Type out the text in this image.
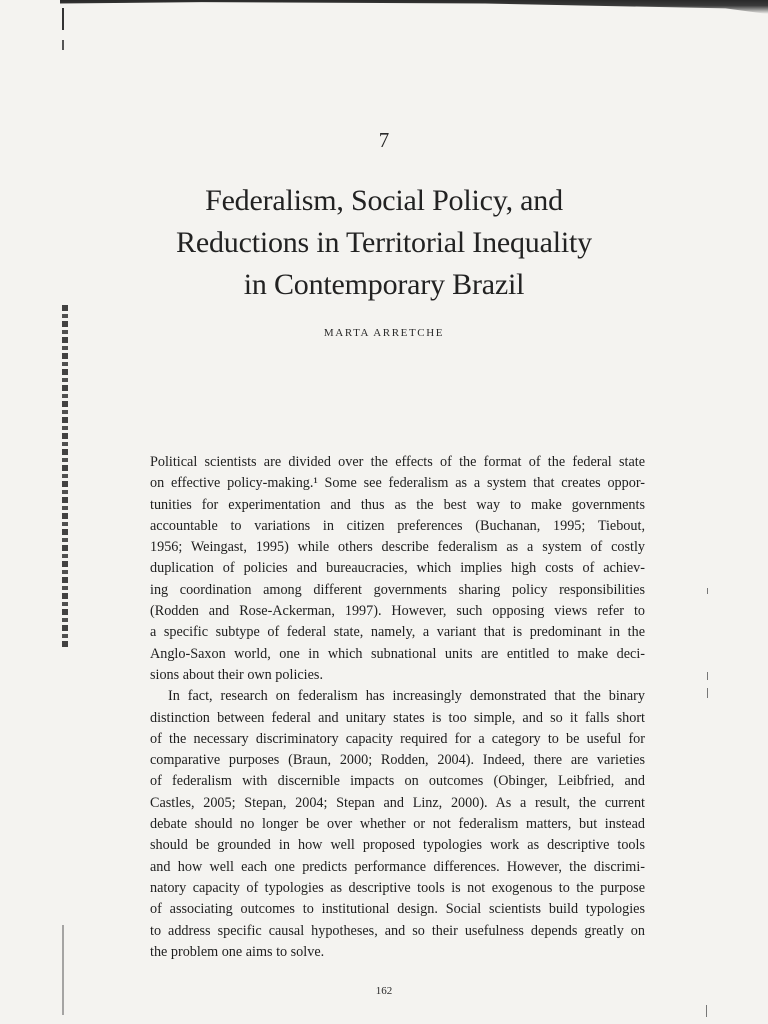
7
Federalism, Social Policy, and
Reductions in Territorial Inequality
in Contemporary Brazil
MARTA ARRETCHE
Political scientists are divided over the effects of the format of the federal state
on effective policy-making.¹ Some see federalism as a system that creates oppor-
tunities for experimentation and thus as the best way to make governments
accountable to variations in citizen preferences (Buchanan, 1995; Tiebout,
1956; Weingast, 1995) while others describe federalism as a system of costly
duplication of policies and bureaucracies, which implies high costs of achiev-
ing coordination among different governments sharing policy responsibilities
(Rodden and Rose-Ackerman, 1997). However, such opposing views refer to
a specific subtype of federal state, namely, a variant that is predominant in the
Anglo-Saxon world, one in which subnational units are entitled to make deci-
sions about their own policies.
In fact, research on federalism has increasingly demonstrated that the binary
distinction between federal and unitary states is too simple, and so it falls short
of the necessary discriminatory capacity required for a category to be useful for
comparative purposes (Braun, 2000; Rodden, 2004). Indeed, there are varieties
of federalism with discernible impacts on outcomes (Obinger, Leibfried, and
Castles, 2005; Stepan, 2004; Stepan and Linz, 2000). As a result, the current
debate should no longer be over whether or not federalism matters, but instead
should be grounded in how well proposed typologies work as descriptive tools
and how well each one predicts performance differences. However, the discrimi-
natory capacity of typologies as descriptive tools is not exogenous to the purpose
of associating outcomes to institutional design. Social scientists build typologies
to address specific causal hypotheses, and so their usefulness depends greatly on
the problem one aims to solve.
162
